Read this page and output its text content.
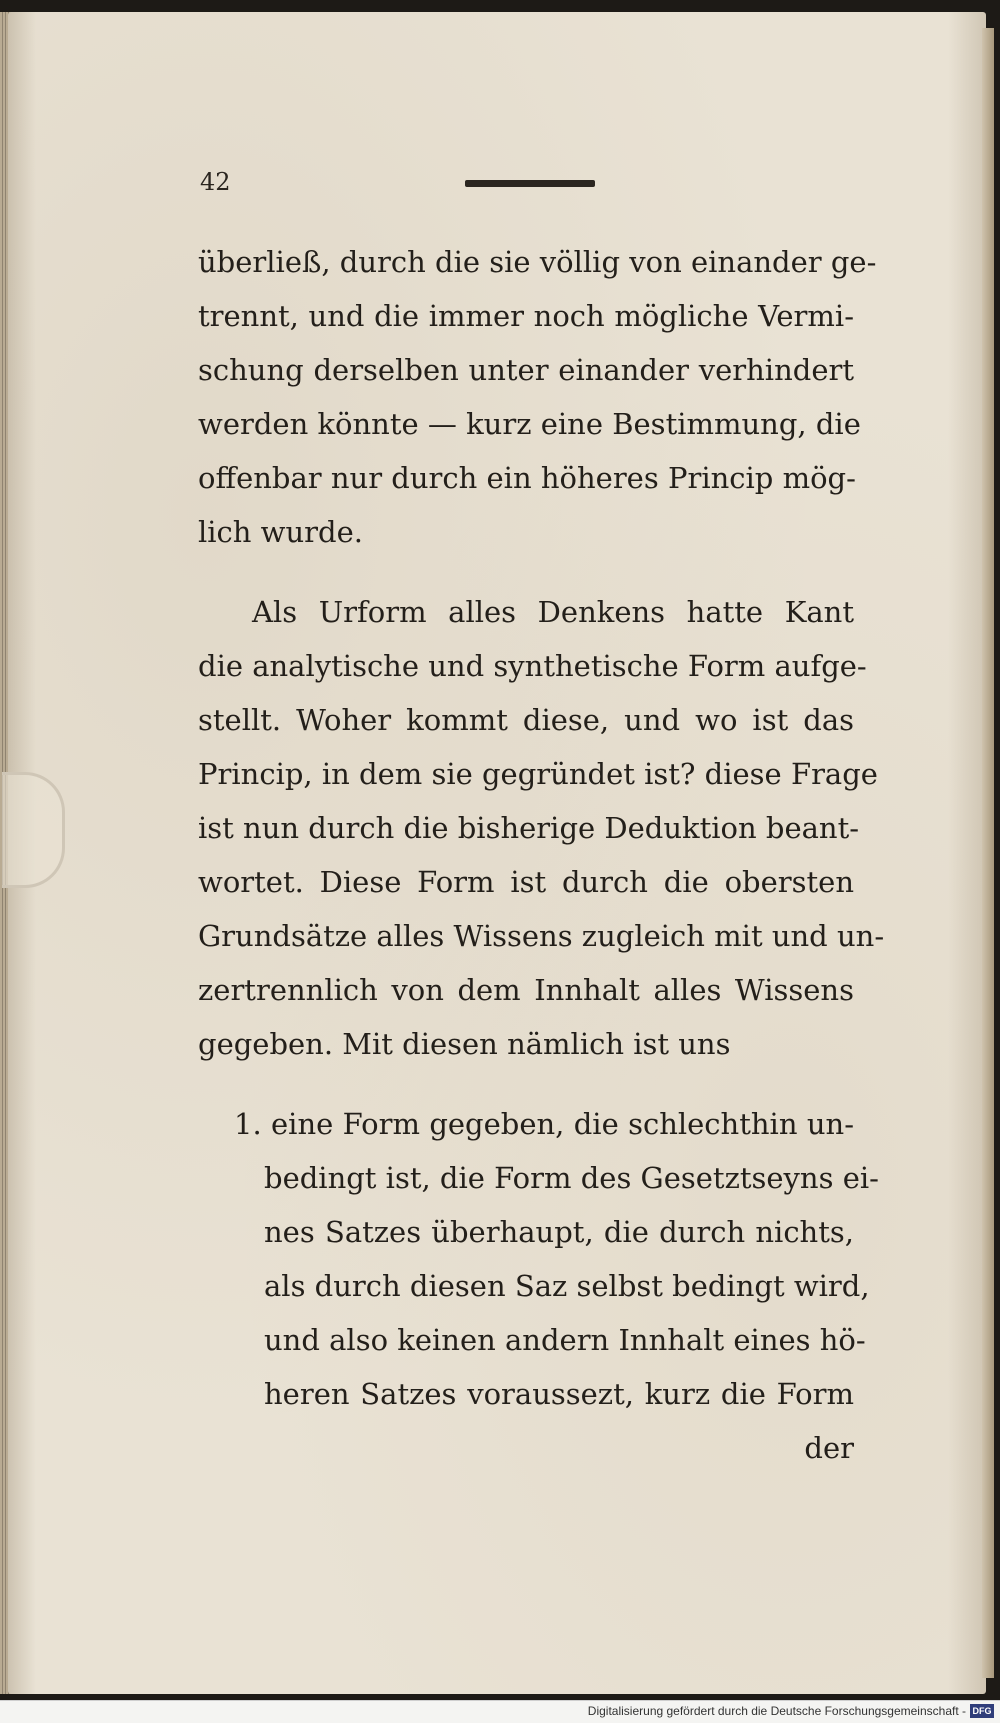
42
überließ, durch die sie völlig von einander ge-
trennt, und die immer noch mögliche Vermi-
schung derselben unter einander verhindert
werden könnte — kurz eine Bestimmung, die
offenbar nur durch ein höheres Princip mög-
lich wurde.
Als Urform alles Denkens hatte Kant
die analytische und synthetische Form aufge-
stellt. Woher kommt diese, und wo ist das
Princip, in dem sie gegründet ist? diese Frage
ist nun durch die bisherige Deduktion beant-
wortet. Diese Form ist durch die obersten
Grundsätze alles Wissens zugleich mit und un-
zertrennlich von dem Innhalt alles Wissens
gegeben. Mit diesen nämlich ist uns
1. eine Form gegeben, die schlechthin un-
bedingt ist, die Form des Gesetztseyns ei-
nes Satzes überhaupt, die durch nichts,
als durch diesen Saz selbst bedingt wird,
und also keinen andern Innhalt eines hö-
heren Satzes voraussezt, kurz die Form
der
Digitalisierung gefördert durch die Deutsche Forschungsgemeinschaft - DFG
